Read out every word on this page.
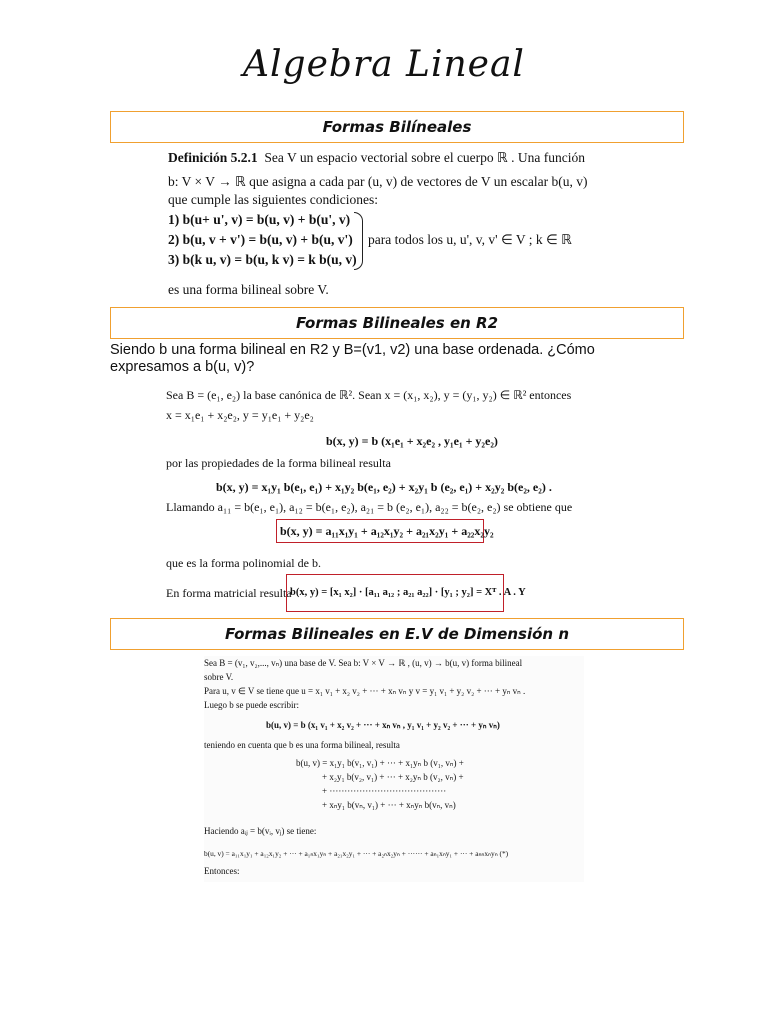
Algebra Lineal
Formas Bilíneales

Definición 5.2.1 Sea V un espacio vectorial sobre el cuerpo ℝ . Una función

b: V × V → ℝ que asigna a cada par (u, v) de vectores de V un escalar b(u, v)

que cumple las siguientes condiciones:

1) b(u+ u', v) = b(u, v) + b(u', v)

2) b(u, v + v') = b(u, v) + b(u, v')

3) b(k u, v) = b(u, k v) = k b(u, v)

para todos los u, u', v, v' ∈ V ; k ∈ ℝ

es una forma bilineal sobre V.

Formas Bilineales en R2
Siendo b una forma bilineal en R2 y B=(v1, v2) una base ordenada. ¿Cómo expresamos a b(u, v)?

Sea B = (e₁, e₂) la base canónica de ℝ². Sean x = (x₁, x₂), y = (y₁, y₂) ∈ ℝ² entonces

x = x₁e₁ + x₂e₂, y = y₁e₁ + y₂e₂

b(x, y) = b (x₁e₁ + x₂e₂ , y₁e₁ + y₂e₂)

por las propiedades de la forma bilineal resulta

b(x, y) = x₁y₁ b(e₁, e₁) + x₁y₂ b(e₁, e₂) + x₂y₁ b (e₂, e₁) + x₂y₂ b(e₂, e₂) .

Llamando a₁₁ = b(e₁, e₁), a₁₂ = b(e₁, e₂), a₂₁ = b (e₂, e₁), a₂₂ = b(e₂, e₂) se obtiene que

b(x, y) = a₁₁x₁y₁ + a₁₂x₁y₂ + a₂₁x₂y₁ + a₂₂x₂y₂

que es la forma polinomial de b.

En forma matricial resulta

b(x, y) = [x₁ x₂] · [a₁₁ a₁₂ ; a₂₁ a₂₂] · [y₁ ; y₂] = Xᵀ . A . Y

Formas Bilineales en E.V de Dimensión n

Sea B = (v₁, v₂,..., vₙ) una base de V. Sea b: V × V → ℝ , (u, v) → b(u, v) forma bilineal

sobre V.

Para u, v ∈ V se tiene que u = x₁ v₁ + x₂ v₂ + ··· + xₙ vₙ y v = y₁ v₁ + y₂ v₂ + ··· + yₙ vₙ .

Luego b se puede escribir:

b(u, v) = b (x₁ v₁ + x₂ v₂ + ··· + xₙ vₙ , y₁ v₁ + y₂ v₂ + ··· + yₙ vₙ)

teniendo en cuenta que b es una forma bilineal, resulta

b(u, v) = x₁y₁ b(v₁, v₁) + ··· + x₁yₙ b (v₁, vₙ) +

+ x₂y₁ b(v₂, v₁) + ··· + x₂yₙ b (v₂, vₙ) +

+ ·······································

+ xₙy₁ b(vₙ, v₁) + ··· + xₙyₙ b(vₙ, vₙ)

Haciendo aᵢⱼ = b(vᵢ, vⱼ) se tiene:

b(u, v) = a₁₁x₁y₁ + a₁₂x₁y₂ + ··· + a₁ₙx₁yₙ + a₂₁x₂y₁ + ··· + a₂ₙx₂yₙ + ······ + aₙ₁xₙy₁ + ··· + aₙₙxₙyₙ (*)

Entonces:
